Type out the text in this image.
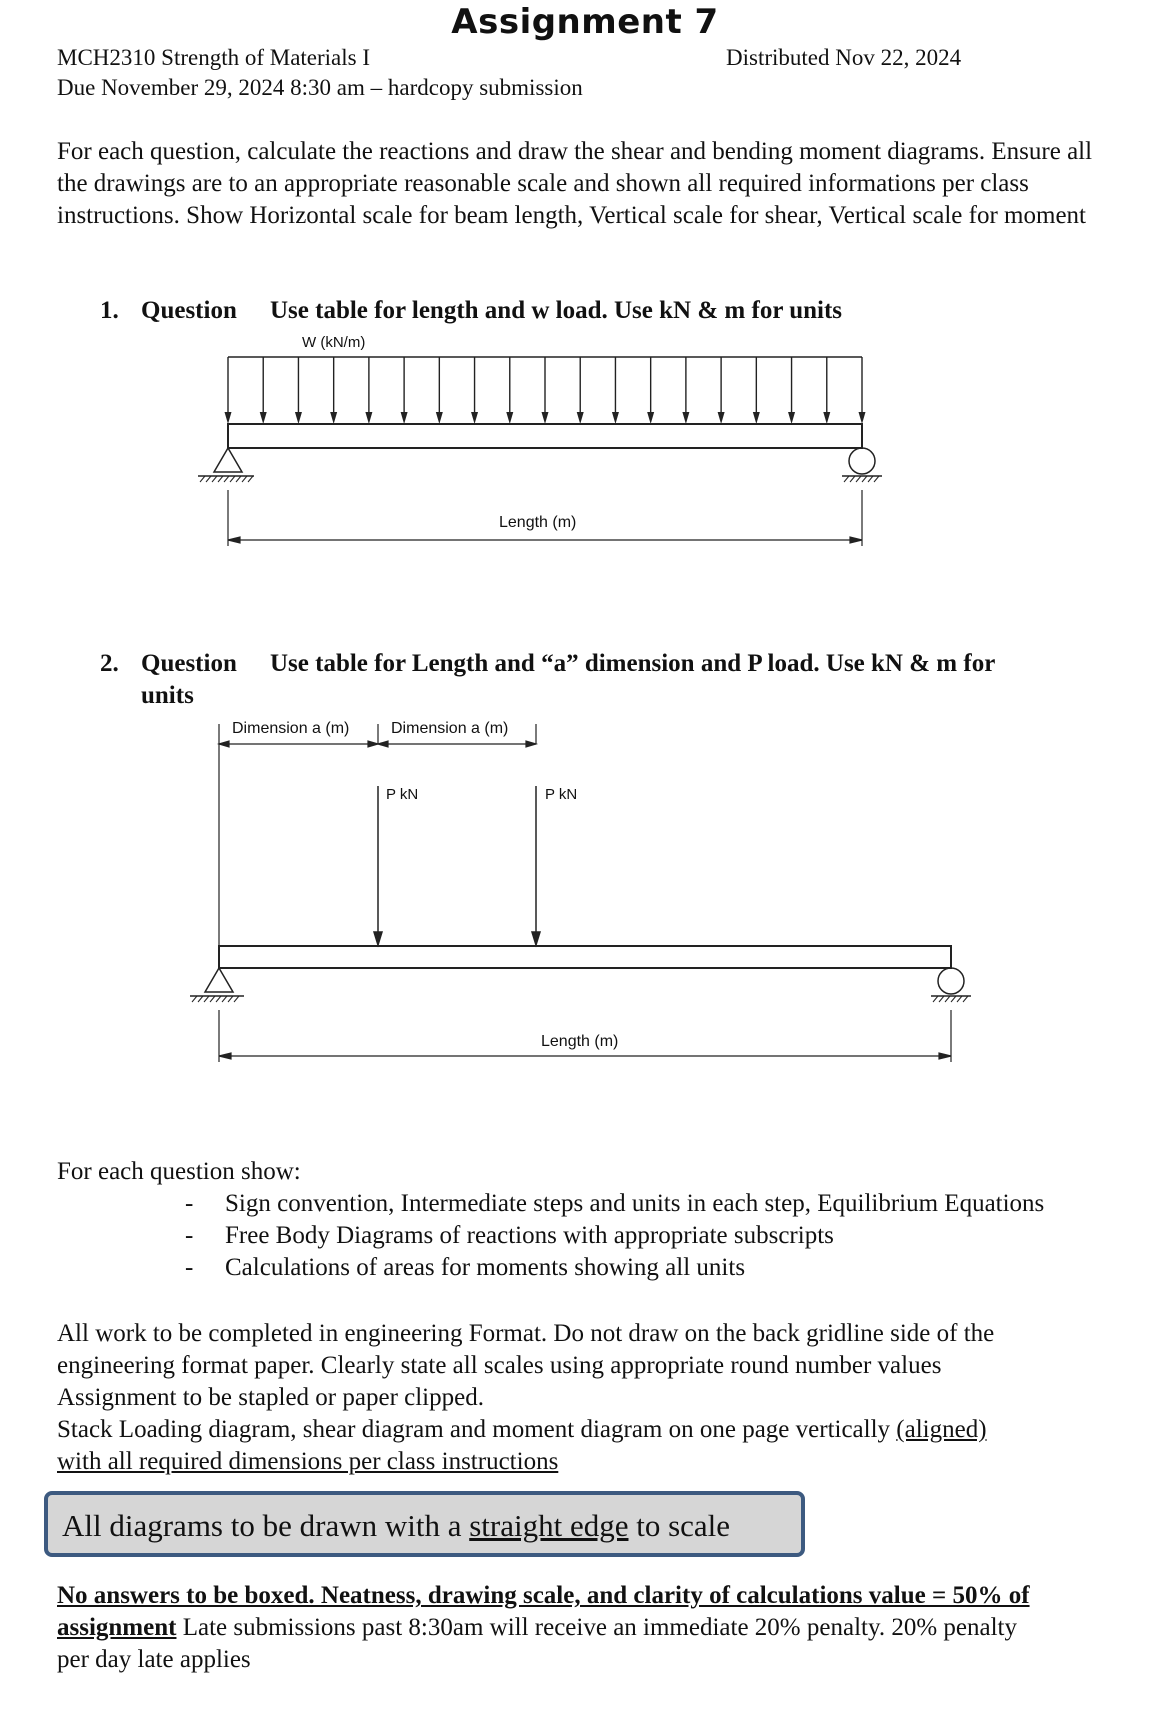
Assignment 7
MCH2310 Strength of Materials I	Distributed Nov 22, 2024
Due November 29, 2024 8:30 am – hardcopy submission
For each question, calculate the reactions and draw the shear and bending moment diagrams. Ensure all the drawings are to an appropriate reasonable scale and shown all required informations per class instructions. Show Horizontal scale for beam length, Vertical scale for shear, Vertical scale for moment
1. Question Use table for length and w load. Use kN & m for units
W (kN/m)
Length (m)
2. Question Use table for Length and “a” dimension and P load. Use kN & m for
units
Dimension a (m)	Dimension a (m)
P kN	P kN
Length (m)
For each question show:
- Sign convention, Intermediate steps and units in each step, Equilibrium Equations
- Free Body Diagrams of reactions with appropriate subscripts
- Calculations of areas for moments showing all units
All work to be completed in engineering Format. Do not draw on the back gridline side of the
engineering format paper. Clearly state all scales using appropriate round number values
Assignment to be stapled or paper clipped.
Stack Loading diagram, shear diagram and moment diagram on one page vertically (aligned)
with all required dimensions per class instructions
All diagrams to be drawn with a straight edge to scale
No answers to be boxed. Neatness, drawing scale, and clarity of calculations value = 50% of
assignment Late submissions past 8:30am will receive an immediate 20% penalty. 20% penalty
per day late applies
